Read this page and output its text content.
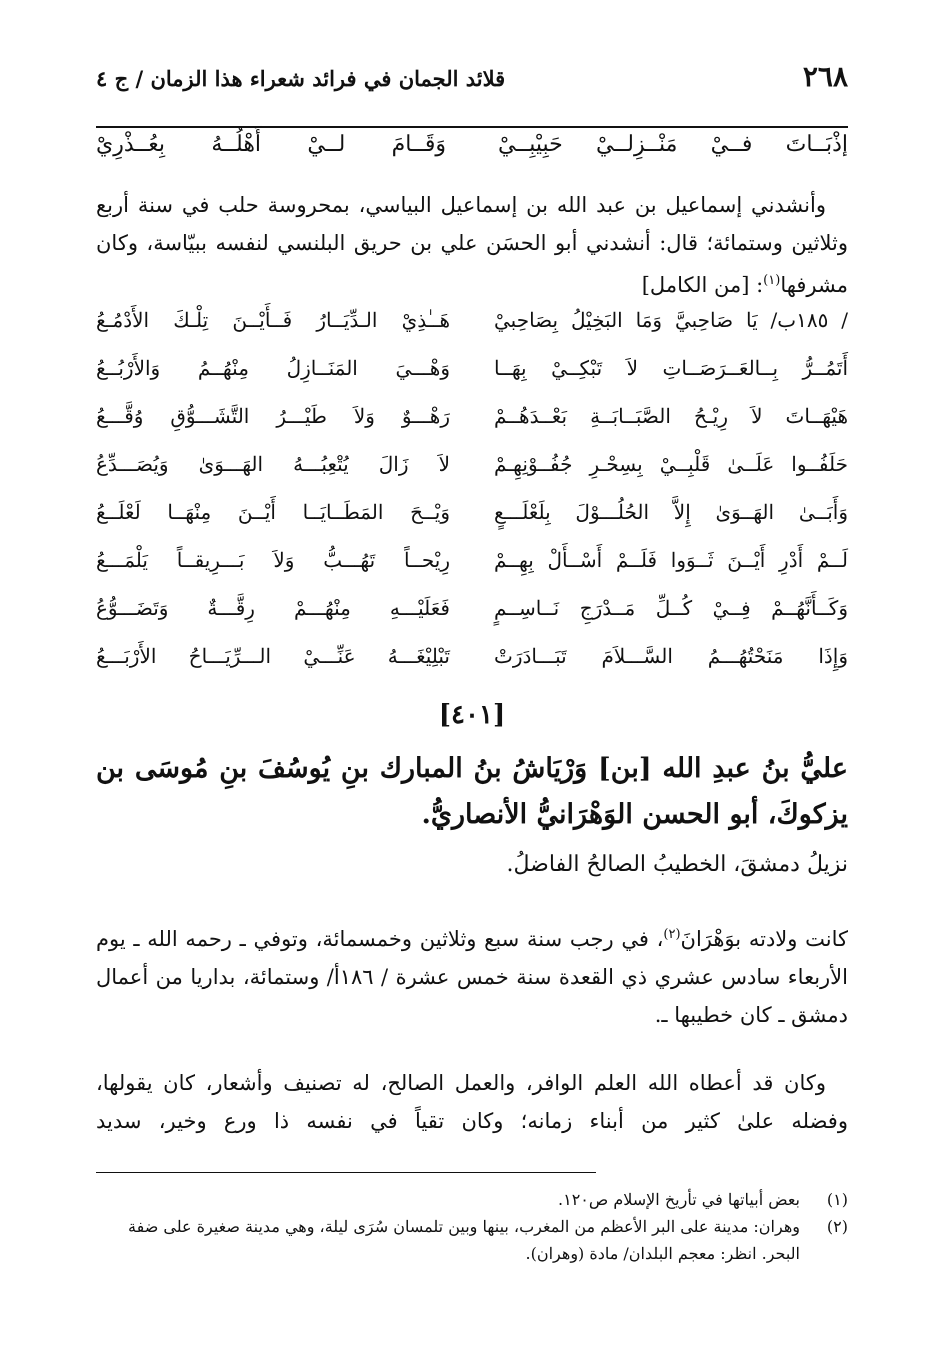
٢٦٨
قلائد الجمان في فرائد شعراء هذا الزمان / ج ٤
إذْبَــاتَ فــيْ مَنْــزِلــيْ حَبِيْبِــيْ
وَقَــامَ لــيْ أَهْلُــهُ بِعُــذْرِيْ
وأنشدني إسماعيل بن عبد الله بن إسماعيل البياسي، بمحروسة حلب في سنة أربع
وثلاثين وستمائة؛ قال: أنشدني أبو الحسَن علي بن حريق البلنسي لنفسه ببيّاسة، وكان
مشرفها$^{(١)}$: [من الكامل]
/ ١٨٥ب/ يَا صَاحِبيَّ وَمَا البَخِيْلُ بِصَاحِبيْ
هَــٰذِيْ الـدِّيَــارُ فَــأَيْــنَ تِلْـكَ الأَدْمُـعُ
أَتَمُــرُّ بِــالعَــرَصَــاتِ لاَ تَبْكِــيْ بِهَــا
وَهْـــيَ المَنَــازِلُ مِنْهُــمُ وَالأَرْبُــعُ
هَيْهَــاتَ لاَ رِيْـحُ الصَّبَــابَــةِ بَعْــدَهُــمْ
رَهْـــوٌ وَلاَ طَيْـــرُ التَّشَـــوُّقِ وُقَّـــعُ
حَلَفُــوا عَلَــىٰ قَلْبِــيْ بِسِحْـرِ جُفُــوْنِهِـمْ
لاَ زَالَ يُتْعِبُـــهُ الهَـــوَىٰ وَيُصَـــدِّعُ
وَأَبَــىٰ الهَــوَىٰ إِلاَّ الحُلُـــوْلَ بِلَعْلَـــعٍ
وَيْــحَ المَطَــايَــا أَيْــنَ مِنْهَــا لَعْلَــعُ
لَــمْ أَدْرِ أَيْــنَ ثَــوَوا فَلَــمْ أَسْــأَلْ بِهِــمْ
رِيْحــاً تَهُـــبُّ وَلاَ بَـــرِيقــاً يَلْمَـــعُ
وَكَــأَنَّهُــمْ فِــيْ كُــلِّ مَــدْرَجِ نَــاسِــمٍ
فَعَلَيْـــهِ مِنْهُـــمْ رِقَّـــةٌ وَتَضَـــوُّعُ
وَإِذَا مَنَحْتُهُـــمُ السَّـــلاَمَ تَبَـــادَرَتْ
تَبْلِيْغَـــهُ عَنِّـــيْ الـــرِّيَـــاحُ الأَرْبَـــعُ
[٤٠١]
عليُّ بنُ عبدِ الله [بن] وَرْيَاشُ بنُ المبارك بنِ يُوسُفَ بنِ مُوسَى بن يزكوكَ، أبو الحسن الوَهْرَانيُّ الأنصاريُّ.
نزيلُ دمشقَ، الخطيبُ الصالحُ الفاضلُ.
كانت ولادته بوَهْرَانَ$^{(٢)}$، في رجب سنة سبع وثلاثين وخمسمائة، وتوفي ـ رحمه الله ـ يوم الأربعاء سادس عشري ذي القعدة سنة خمس عشرة / ١٨٦أ/ وستمائة، بداريا من أعمال دمشق ـ كان خطيبها ـ.
وكان قد أعطاه الله العلم الوافر، والعمل الصالح، له تصنيف وأشعار، كان يقولها، وفضله علىٰ كثير من أبناء زمانه؛ وكان تقياً في نفسه ذا ورع وخير، سديد
(١)
بعض أبياتها في تأريخ الإسلام ص١٢٠.
(٢)
وهران: مدينة على البر الأعظم من المغرب، بينها وبين تلمسان سُرَى ليلة، وهي مدينة صغيرة على ضفة البحر. انظر: معجم البلدان/ مادة (وهران).
